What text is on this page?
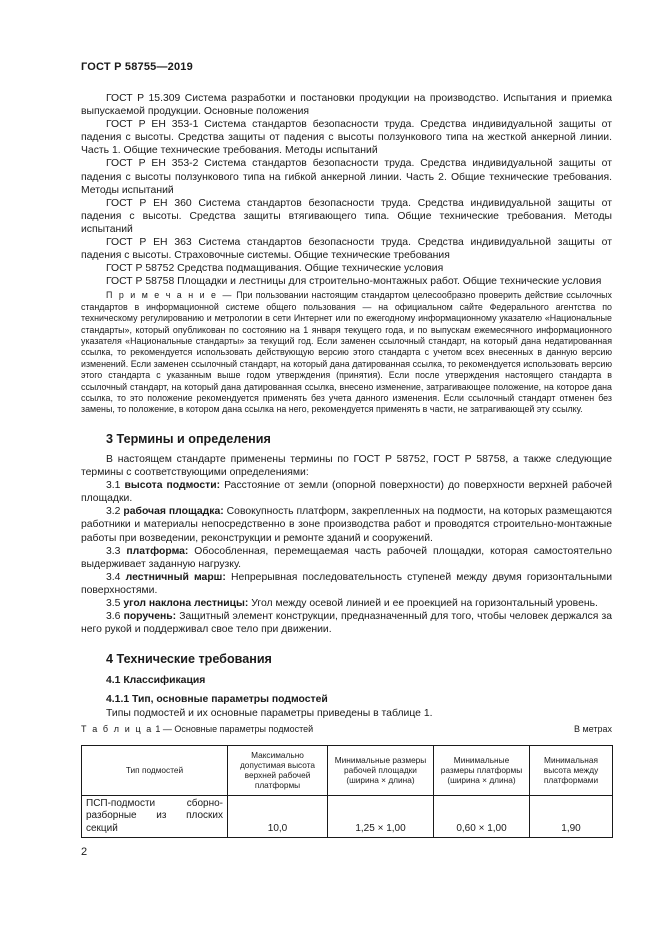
ГОСТ Р 58755—2019

ГОСТ Р 15.309 Система разработки и постановки продукции на производство. Испытания и приемка выпускаемой продукции. Основные положения

ГОСТ Р ЕН 353-1 Система стандартов безопасности труда. Средства индивидуальной защиты от падения с высоты. Средства защиты от падения с высоты ползункового типа на жесткой анкерной линии. Часть 1. Общие технические требования. Методы испытаний

ГОСТ Р ЕН 353-2 Система стандартов безопасности труда. Средства индивидуальной защиты от падения с высоты ползункового типа на гибкой анкерной линии. Часть 2. Общие технические требования. Методы испытаний

ГОСТ Р ЕН 360 Система стандартов безопасности труда. Средства индивидуальной защиты от падения с высоты. Средства защиты втягивающего типа. Общие технические требования. Методы испытаний

ГОСТ Р ЕН 363 Система стандартов безопасности труда. Средства индивидуальной защиты от падения с высоты. Страховочные системы. Общие технические требования

ГОСТ Р 58752 Средства подмащивания. Общие технические условия

ГОСТ Р 58758 Площадки и лестницы для строительно-монтажных работ. Общие технические условия

П р и м е ч а н и е — При пользовании настоящим стандартом целесообразно проверить действие ссылочных стандартов в информационной системе общего пользования — на официальном сайте Федерального агентства по техническому регулированию и метрологии в сети Интернет или по ежегодному информационному указателю «Национальные стандарты», который опубликован по состоянию на 1 января текущего года, и по выпускам ежемесячного информационного указателя «Национальные стандарты» за текущий год. Если заменен ссылочный стандарт, на который дана недатированная ссылка, то рекомендуется использовать действующую версию этого стандарта с учетом всех внесенных в данную версию изменений. Если заменен ссылочный стандарт, на который дана датированная ссылка, то рекомендуется использовать версию этого стандарта с указанным выше годом утверждения (принятия). Если после утверждения настоящего стандарта в ссылочный стандарт, на который дана датированная ссылка, внесено изменение, затрагивающее положение, на которое дана ссылка, то это положение рекомендуется применять без учета данного изменения. Если ссылочный стандарт отменен без замены, то положение, в котором дана ссылка на него, рекомендуется применять в части, не затрагивающей эту ссылку.

3 Термины и определения

В настоящем стандарте применены термины по ГОСТ Р 58752, ГОСТ Р 58758, а также следующие термины с соответствующими определениями:

3.1 высота подмости: Расстояние от земли (опорной поверхности) до поверхности верхней рабочей площадки.

3.2 рабочая площадка: Совокупность платформ, закрепленных на подмости, на которых размещаются работники и материалы непосредственно в зоне производства работ и проводятся строительно-монтажные работы при возведении, реконструкции и ремонте зданий и сооружений.

3.3 платформа: Обособленная, перемещаемая часть рабочей площадки, которая самостоятельно выдерживает заданную нагрузку.

3.4 лестничный марш: Непрерывная последовательность ступеней между двумя горизонтальными поверхностями.

3.5 угол наклона лестницы: Угол между осевой линией и ее проекцией на горизонтальный уровень.

3.6 поручень: Защитный элемент конструкции, предназначенный для того, чтобы человек держался за него рукой и поддерживал свое тело при движении.

4 Технические требования
4.1 Классификация
4.1.1 Тип, основные параметры подмостей

Типы подмостей и их основные параметры приведены в таблице 1.

Т а б л и ц а 1 — Основные параметры подмостей	В метрах
Тип подмостей	Максимально допустимая высота верхней рабочей платформы	Минимальные размеры рабочей площадки (ширина × длина)	Минимальные размеры платформы (ширина × длина)	Минимальная высота между платформами
ПСП-подмости сборно-разборные из плоских секций	10,0	1,25 × 1,00	0,60 × 1,00	1,90
2
